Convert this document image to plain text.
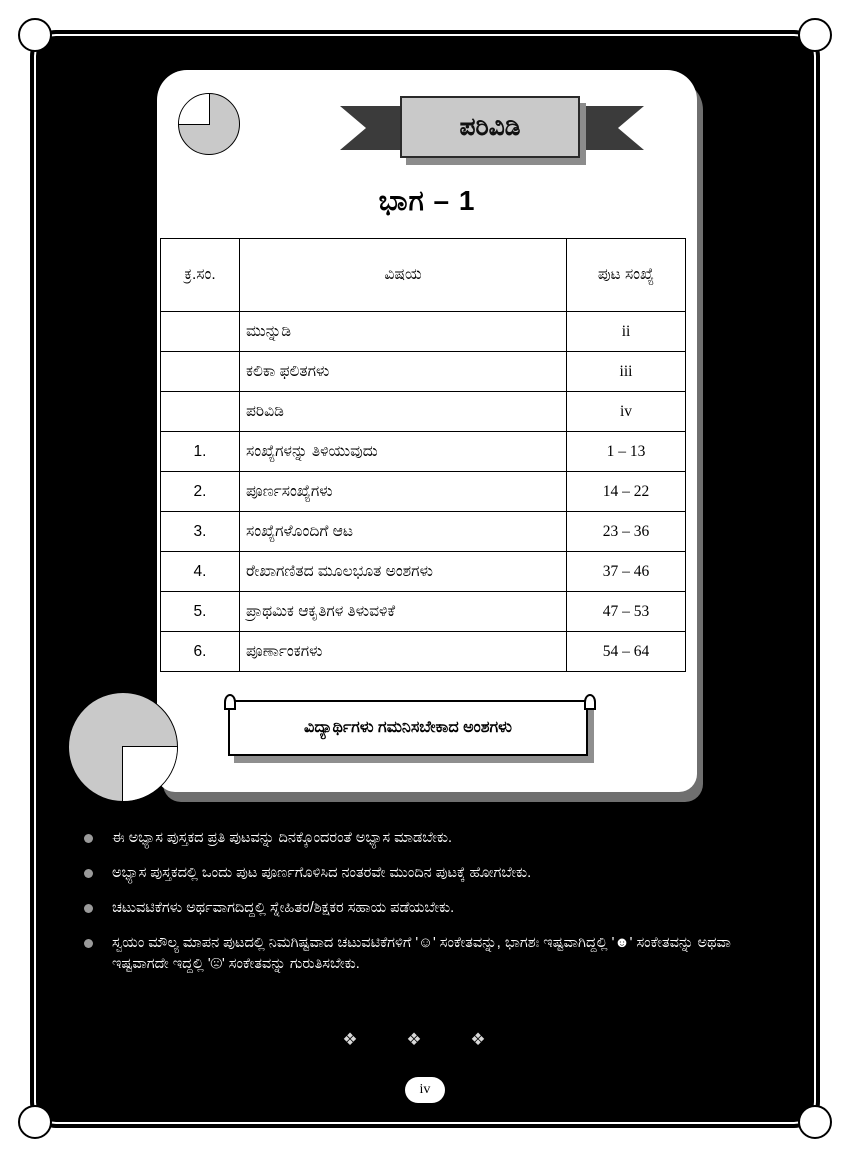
ಪರಿವಿಡಿ
ಭಾಗ – 1
ಕ್ರ.ಸಂ.	ವಿಷಯ	ಪುಟ ಸಂಖ್ಯೆ
	ಮುನ್ನುಡಿ	ii
	ಕಲಿಕಾ ಫಲಿತಗಳು	iii
	ಪರಿವಿಡಿ	iv
1.	ಸಂಖ್ಯೆಗಳನ್ನು ತಿಳಿಯುವುದು	1 – 13
2.	ಪೂರ್ಣಸಂಖ್ಯೆಗಳು	14 – 22
3.	ಸಂಖ್ಯೆಗಳೊಂದಿಗೆ ಆಟ	23 – 36
4.	ರೇಖಾಗಣಿತದ ಮೂಲಭೂತ ಅಂಶಗಳು	37 – 46
5.	ಪ್ರಾಥಮಿಕ ಆಕೃತಿಗಳ ತಿಳುವಳಿಕೆ	47 – 53
6.	ಪೂರ್ಣಾಂಕಗಳು	54 – 64
ವಿದ್ಯಾರ್ಥಿಗಳು ಗಮನಿಸಬೇಕಾದ ಅಂಶಗಳು
ಈ ಅಭ್ಯಾಸ ಪುಸ್ತಕದ ಪ್ರತಿ ಪುಟವನ್ನು ದಿನಕ್ಕೊಂದರಂತೆ ಅಭ್ಯಾಸ ಮಾಡಬೇಕು.
ಅಭ್ಯಾಸ ಪುಸ್ತಕದಲ್ಲಿ ಒಂದು ಪುಟ ಪೂರ್ಣಗೊಳಿಸಿದ ನಂತರವೇ ಮುಂದಿನ ಪುಟಕ್ಕೆ ಹೋಗಬೇಕು.
ಚಟುವಟಿಕೆಗಳು ಅರ್ಥವಾಗದಿದ್ದಲ್ಲಿ ಸ್ನೇಹಿತರ/ಶಿಕ್ಷಕರ ಸಹಾಯ ಪಡೆಯಬೇಕು.
ಸ್ವಯಂ ಮೌಲ್ಯ ಮಾಪನ ಪುಟದಲ್ಲಿ ನಿಮಗಿಷ್ಟವಾದ ಚಟುವಟಿಕೆಗಳಿಗೆ '☺' ಸಂಕೇತವನ್ನು, ಭಾಗಶಃ ಇಷ್ಟವಾಗಿದ್ದಲ್ಲಿ '☻' ಸಂಕೇತವನ್ನು ಅಥವಾ ಇಷ್ಟವಾಗದೇ ಇದ್ದಲ್ಲಿ '☹' ಸಂಕೇತವನ್ನು ಗುರುತಿಸಬೇಕು.
❖ ❖ ❖
iv
